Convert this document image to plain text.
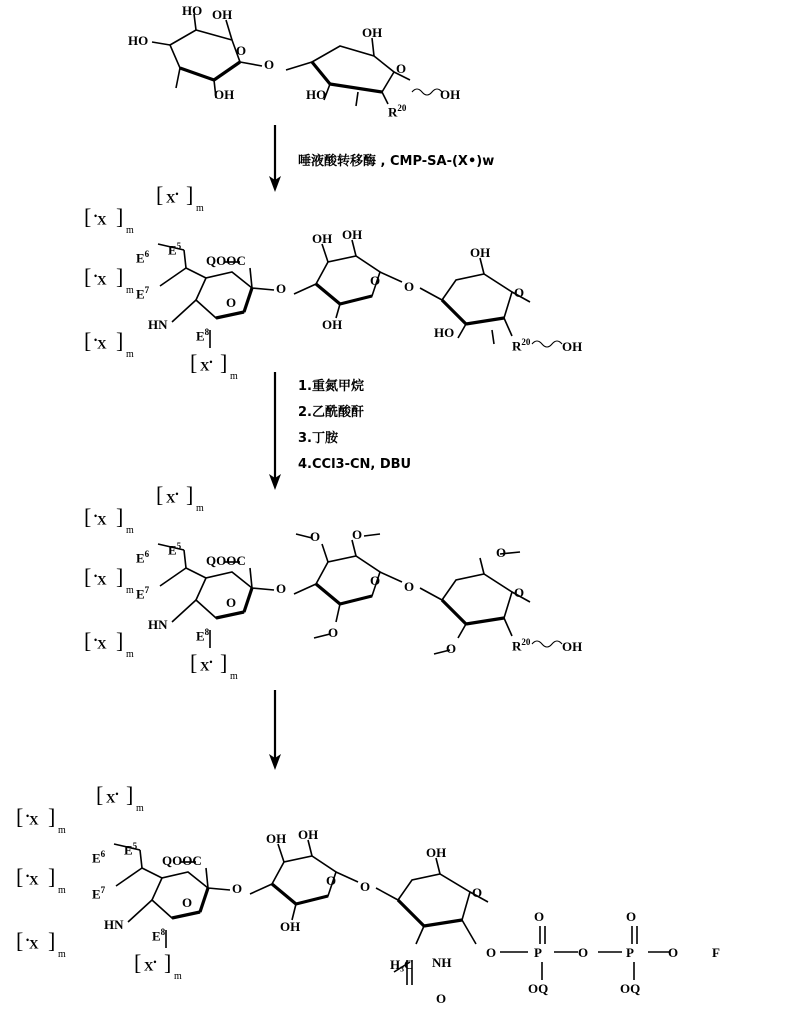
HO OH
HO
OH
O
O
OH
HO
O
$R^{20}$
OH
唾液酸转移酶 , CMP-SA-(X•)w
[ •X ]
m
[ X• ]
m
$E^6$ $E^5$
[ •X ]
m $E^7$
[ •X ]
m
HN
$E^8$
[ X• ]
m
QOOC
O
O
OH OH
OH
O O
OH
HO
O
$R^{20}$ OH
1.重氮甲烷
2.乙酰酸酐
3.丁胺
4.CCl3-CN, DBU
[ •X ]
m
[ X• ]
m
$E^6$ $E^5$
[ •X ]
m $E^7$
[ •X ]
m
HN
$E^8$
[ X• ]
m
QOOC
O
O
O O
O
O O
O
O
O
$R^{20}$ OH
[ •X ]
m
[ X• ]
m
$E^6$ $E^5$
[ •X ]
m $E^7$
[ •X ]
m
HN
$E^8$
[ X• ]
m
QOOC
O
O
OH OH
OH
O O
OH
O
H₃C NH
O
O	P
O
OQ
O	P
O
OQ
O	F
